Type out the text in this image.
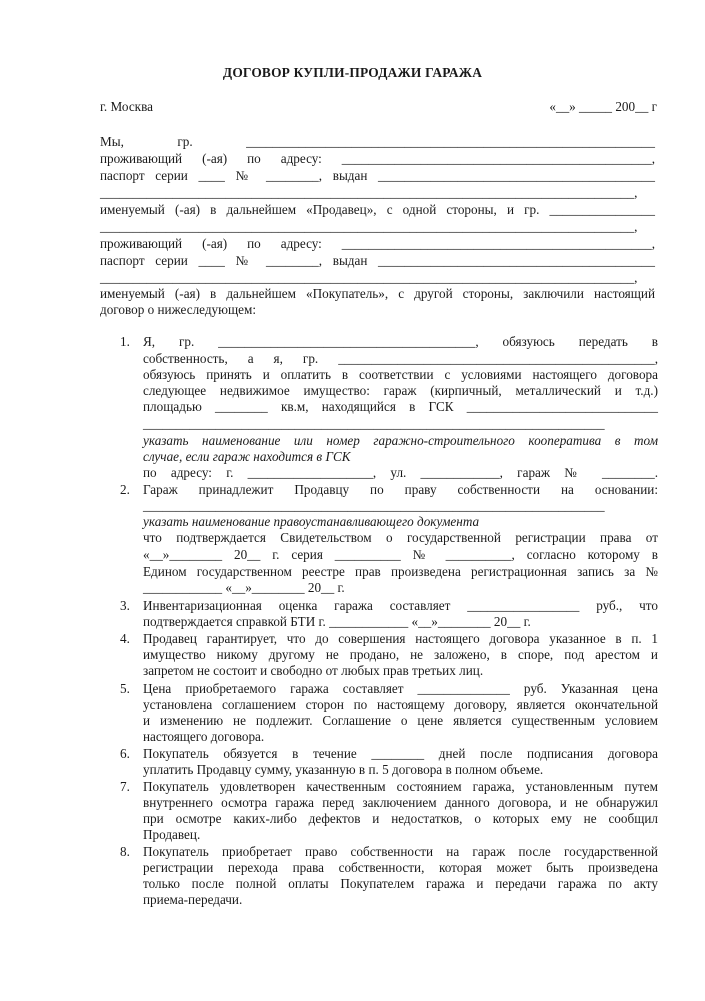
ДОГОВОР КУПЛИ-ПРОДАЖИ ГАРАЖА
г. Москва	«__» _____ 200__ г
Мы, гр. ______________________________________________________________
проживающий (-ая) по адресу: _______________________________________________,
паспорт серии ____ № ________, выдан __________________________________________
_________________________________________________________________________________,
именуемый (-ая) в дальнейшем «Продавец», с одной стороны, и гр. ________________
_________________________________________________________________________________,
проживающий (-ая) по адресу: _______________________________________________,
паспорт серии ____ № ________, выдан __________________________________________
_________________________________________________________________________________,
именуемый (-ая) в дальнейшем «Покупатель», с другой стороны, заключили настоящий
договор о нижеследующем:
1. Я, гр. _______________________________________, обязуюсь передать в
собственность, а я, гр. ________________________________________________,
обязуюсь принять и оплатить в соответствии с условиями настоящего договора
следующее недвижимое имущество: гараж (кирпичный, металлический и т.д.)
площадью ________ кв.м, находящийся в ГСК _____________________________
______________________________________________________________________
указать наименование или номер гаражно-строительного кооператива в том
случае, если гараж находится в ГСК
по адресу: г. ___________________, ул. ____________, гараж № ________.
2. Гараж принадлежит Продавцу по праву собственности на основании:
______________________________________________________________________
указать наименование правоустанавливающего документа
что подтверждается Свидетельством о государственной регистрации права от
«__»________ 20__ г. серия __________ № __________, согласно которому в
Едином государственном реестре прав произведена регистрационная запись за №
____________ «__»________ 20__ г.
3. Инвентаризационная оценка гаража составляет _________________ руб., что
подтверждается справкой БТИ г. ____________ «__»________ 20__ г.
4. Продавец гарантирует, что до совершения настоящего договора указанное в п. 1
имущество никому другому не продано, не заложено, в споре, под арестом и
запретом не состоит и свободно от любых прав третьих лиц.
5. Цена приобретаемого гаража составляет ______________ руб. Указанная цена
установлена соглашением сторон по настоящему договору, является окончательной
и изменению не подлежит. Соглашение о цене является существенным условием
настоящего договора.
6. Покупатель обязуется в течение ________ дней после подписания договора
уплатить Продавцу сумму, указанную в п. 5 договора в полном объеме.
7. Покупатель удовлетворен качественным состоянием гаража, установленным путем
внутреннего осмотра гаража перед заключением данного договора, и не обнаружил
при осмотре каких-либо дефектов и недостатков, о которых ему не сообщил
Продавец.
8. Покупатель приобретает право собственности на гараж после государственной
регистрации перехода права собственности, которая может быть произведена
только после полной оплаты Покупателем гаража и передачи гаража по акту
приема-передачи.
